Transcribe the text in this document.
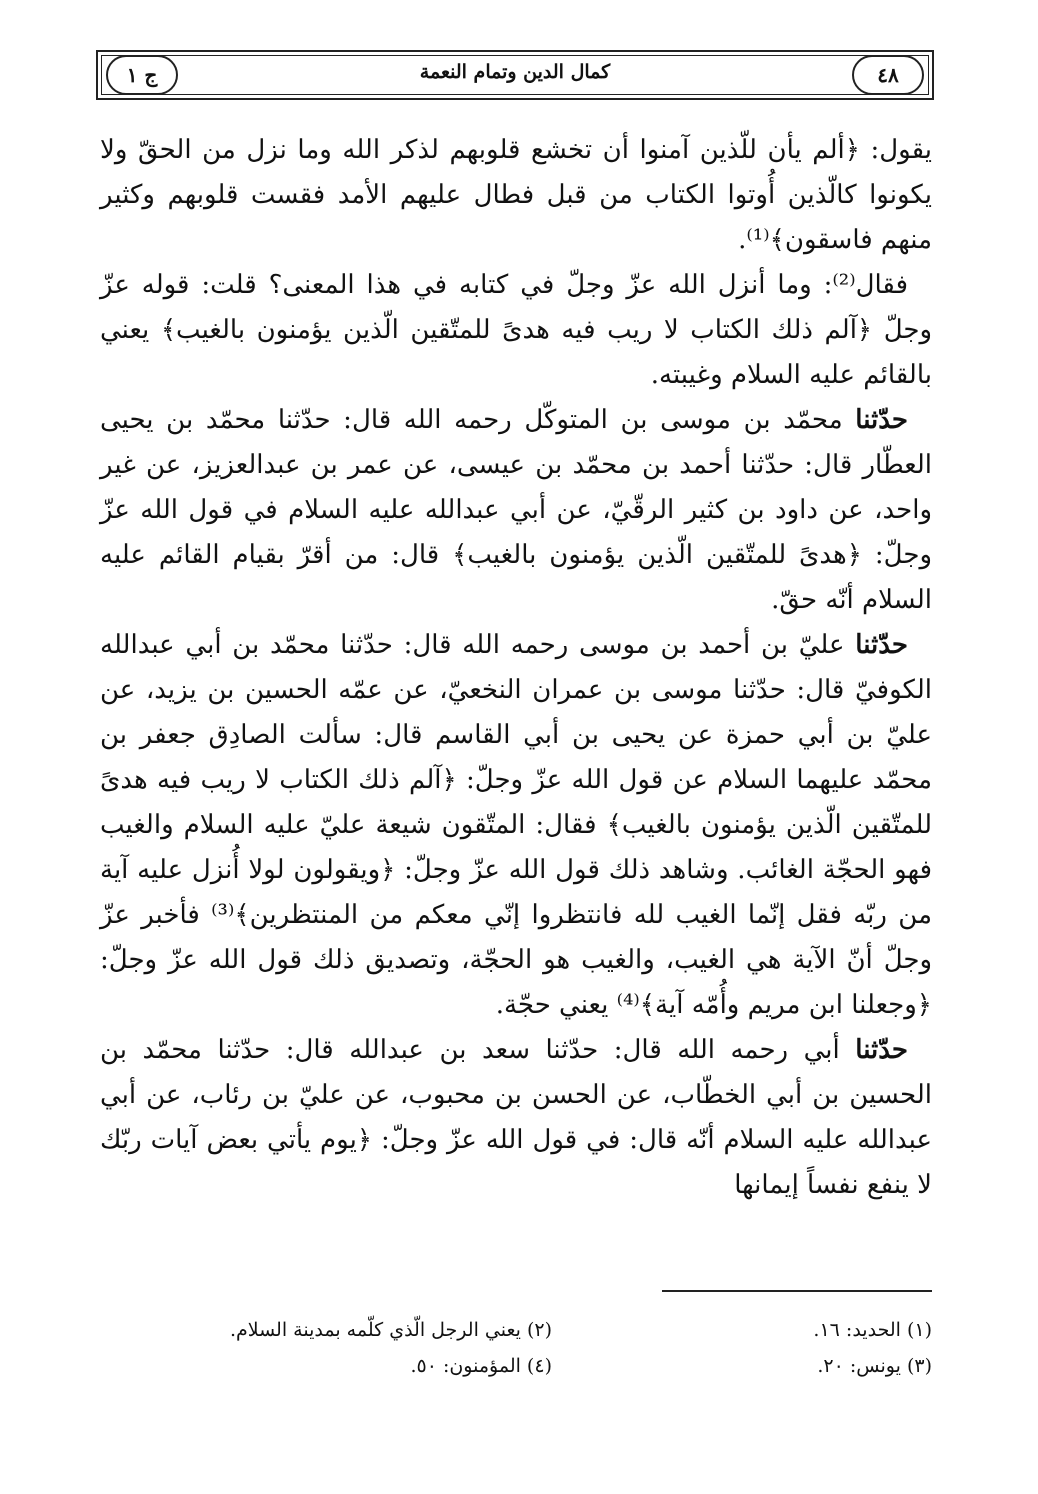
٤٨
كمال الدين وتمام النعمة
ج ١

يقول: ﴿ألم يأن للّذين آمنوا أن تخشع قلوبهم لذكر الله وما نزل من الحقّ ولا يكونوا كالّذين أُوتوا الكتاب من قبل فطال عليهم الأمد فقست قلوبهم وكثير منهم فاسقون﴾⁽¹⁾.

فقال⁽²⁾: وما أنزل الله عزّ وجلّ في كتابه في هذا المعنى؟ قلت: قوله عزّ وجلّ ﴿آلم ذلك الكتاب لا ريب فيه هدىً للمتّقين الّذين يؤمنون بالغيب﴾ يعني بالقائم عليه السلام وغيبته.

حدّثنا محمّد بن موسى بن المتوكّل رحمه الله قال: حدّثنا محمّد بن يحيى العطّار قال: حدّثنا أحمد بن محمّد بن عيسى، عن عمر بن عبدالعزيز، عن غير واحد، عن داود بن كثير الرقّيّ، عن أبي عبدالله عليه السلام في قول الله عزّ وجلّ: ﴿هدىً للمتّقين الّذين يؤمنون بالغيب﴾ قال: من أقرّ بقيام القائم عليه السلام أنّه حقّ.

حدّثنا عليّ بن أحمد بن موسى رحمه الله قال: حدّثنا محمّد بن أبي عبدالله الكوفيّ قال: حدّثنا موسى بن عمران النخعيّ، عن عمّه الحسين بن يزيد، عن عليّ بن أبي حمزة عن يحيى بن أبي القاسم قال: سألت الصادِق جعفر بن محمّد عليهما السلام عن قول الله عزّ وجلّ: ﴿آلم ذلك الكتاب لا ريب فيه هدىً للمتّقين الّذين يؤمنون بالغيب﴾ فقال: المتّقون شيعة عليّ عليه السلام والغيب فهو الحجّة الغائب. وشاهد ذلك قول الله عزّ وجلّ: ﴿ويقولون لولا أُنزل عليه آية من ربّه فقل إنّما الغيب لله فانتظروا إنّي معكم من المنتظرين﴾⁽³⁾ فأخبر عزّ وجلّ أنّ الآية هي الغيب، والغيب هو الحجّة، وتصديق ذلك قول الله عزّ وجلّ: ﴿وجعلنا ابن مريم وأُمّه آية﴾⁽⁴⁾ يعني حجّة.

حدّثنا أبي رحمه الله قال: حدّثنا سعد بن عبدالله قال: حدّثنا محمّد بن الحسين بن أبي الخطّاب، عن الحسن بن محبوب، عن عليّ بن رئاب، عن أبي عبدالله عليه السلام أنّه قال: في قول الله عزّ وجلّ: ﴿يوم يأتي بعض آيات ربّك لا ينفع نفساً إيمانها

(١) الحديد: ١٦.
(٢) يعني الرجل الّذي كلّمه بمدينة السلام.
(٣) يونس: ٢٠.
(٤) المؤمنون: ٥٠.
